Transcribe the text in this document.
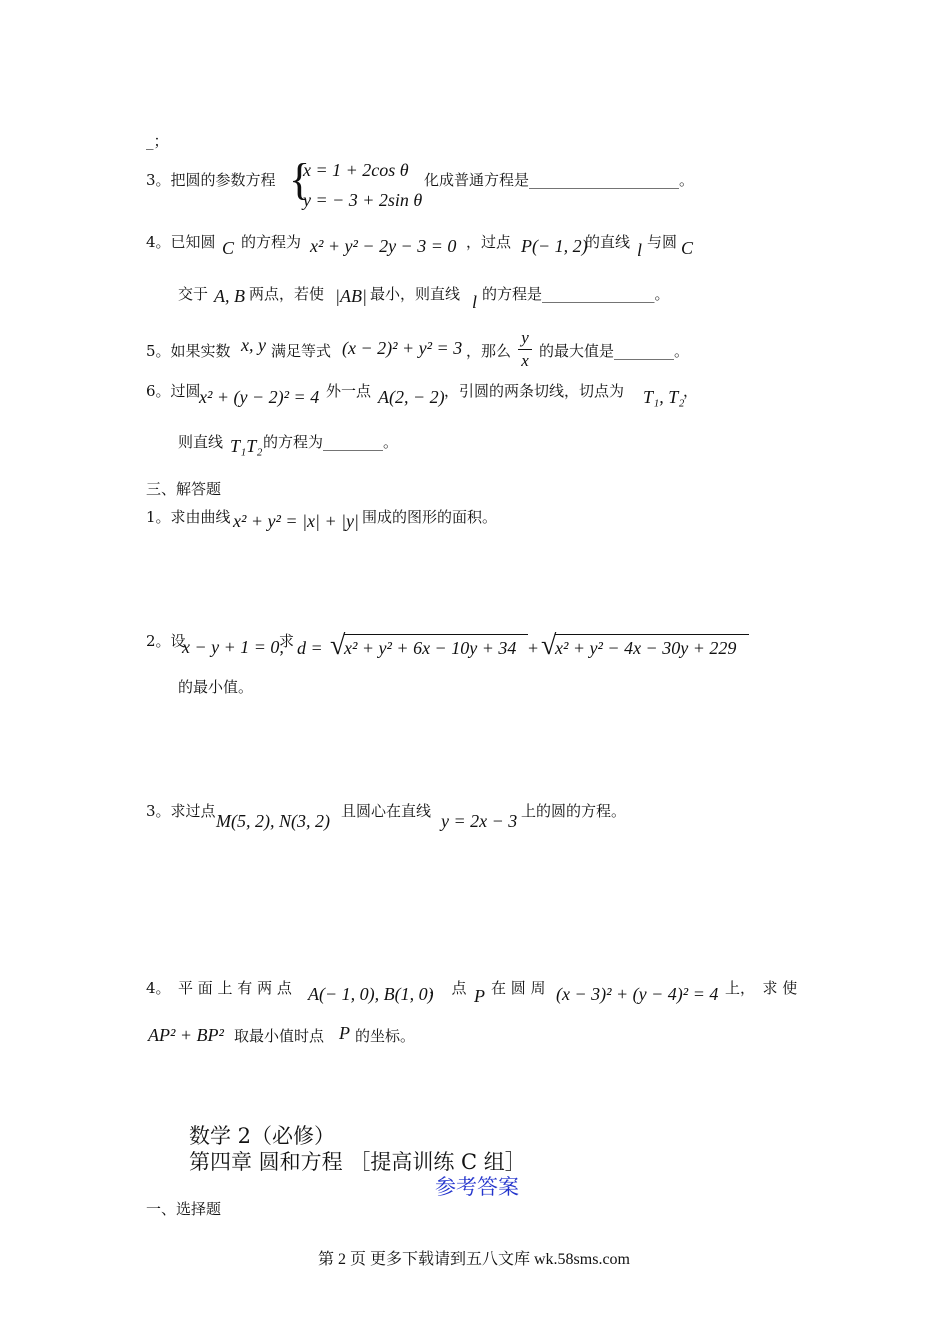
_；
3。把圆的参数方程 {
x = 1 + 2cos θ
y = − 3 + 2sin θ
化成普通方程是____________________。
4。已知圆 C 的方程为 x² + y² − 2y − 3 = 0 ，过点 P(− 1, 2)
的直线 l 与圆 C
交于 A, B 两点，若使 |AB| 最小，则直线 l 的方程是_______________。
5。如果实数 x, y 满足等式 (x − 2)² + y² = 3 ，那么
y
x 的最大值是________。
6。过圆
x² + (y − 2)² = 4 外一点 A(2, − 2) ，引圆的两条切线，切点为 T₁, T₂
，
则直线 T₁T₂ 的方程为________。
三、解答题
1。求由曲线 x² + y² = |x| + |y| 围成的图形的面积。
2。设
x − y + 1 = 0,
求 d = √
x² + y² + 6x − 10y + 34 + √
x² + y² − 4x − 30y + 229
的最小值。
3。求过点 M(5, 2), N(3, 2) 且圆心在直线 y = 2x − 3 上的圆的方程。
4。 平 面 上 有 两 点 A(− 1, 0), B(1, 0)
，　点 P 在 圆 周 (x − 3)² + (y − 4)² = 4 上，　求 使
AP² + BP² 取最小值时点 P 的坐标。
数学 2（必修）
第四章 圆和方程 ［提高训练 C 组］
参考答案
一、选择题
第 2 页 更多下载请到五八文库 wk.58sms.com
